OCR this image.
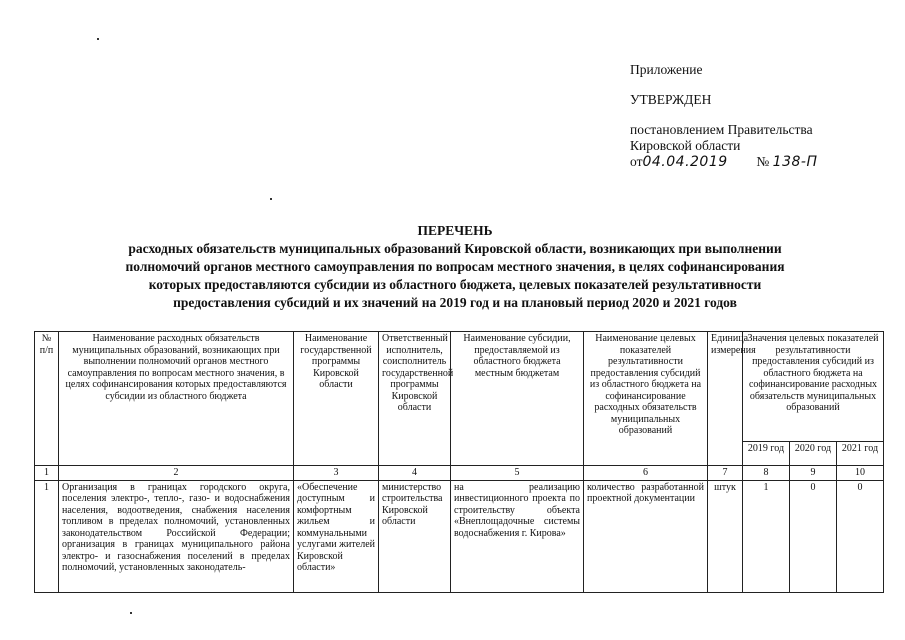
Приложение
УТВЕРЖДЕН
постановлением Правительства
Кировской области
от04.04.2019 № 138-П
ПЕРЕЧЕНЬ
расходных обязательств муниципальных образований Кировской области, возникающих при выполнении
полномочий органов местного самоуправления по вопросам местного значения, в целях софинансирования
которых предоставляются субсидии из областного бюджета, целевых показателей результативности
предоставления субсидий и их значений на 2019 год и на плановый период 2020 и 2021 годов
№ п/п	Наименование расходных обязательств муниципальных образований, возникающих при выполнении полномочий органов местного самоуправления по вопросам местного значения, в целях софинансирования которых предоставляются субсидии из областного бюджета	Наименование государственной программы Кировской области	Ответственный исполнитель, соисполнитель государственной программы Кировской области	Наименование субсидии, предоставляемой из областного бюджета местным бюджетам	Наименование целевых показателей результативности предоставления субсидий из областного бюджета на софинансирование расходных обязательств муниципальных образований	Единица измерения	Значения целевых показателей результативности предоставления субсидий из областного бюджета на софинансирование расходных обязательств муниципальных образований		
							2019 год	2020 год	2021 год
1	2	3	4	5	6	7	8	9	10
1	Организация в границах городского округа, поселения электро-, тепло-, газо- и водоснабжения населения, водоотведения, снабжения населения топливом в пределах полномочий, установленных законодательством Российской Федерации; организация в границах муниципального района электро- и газоснабжения поселений в пределах полномочий, установленных законодатель-	«Обеспечение доступным и комфортным жильем и коммунальными услугами жителей Кировской области»	министерство строительства Кировской области	на реализацию инвестиционного проекта по строительству объекта «Внеплощадочные системы водоснабжения г. Кирова»	количество разработанной проектной документации	штук	1	0	0
